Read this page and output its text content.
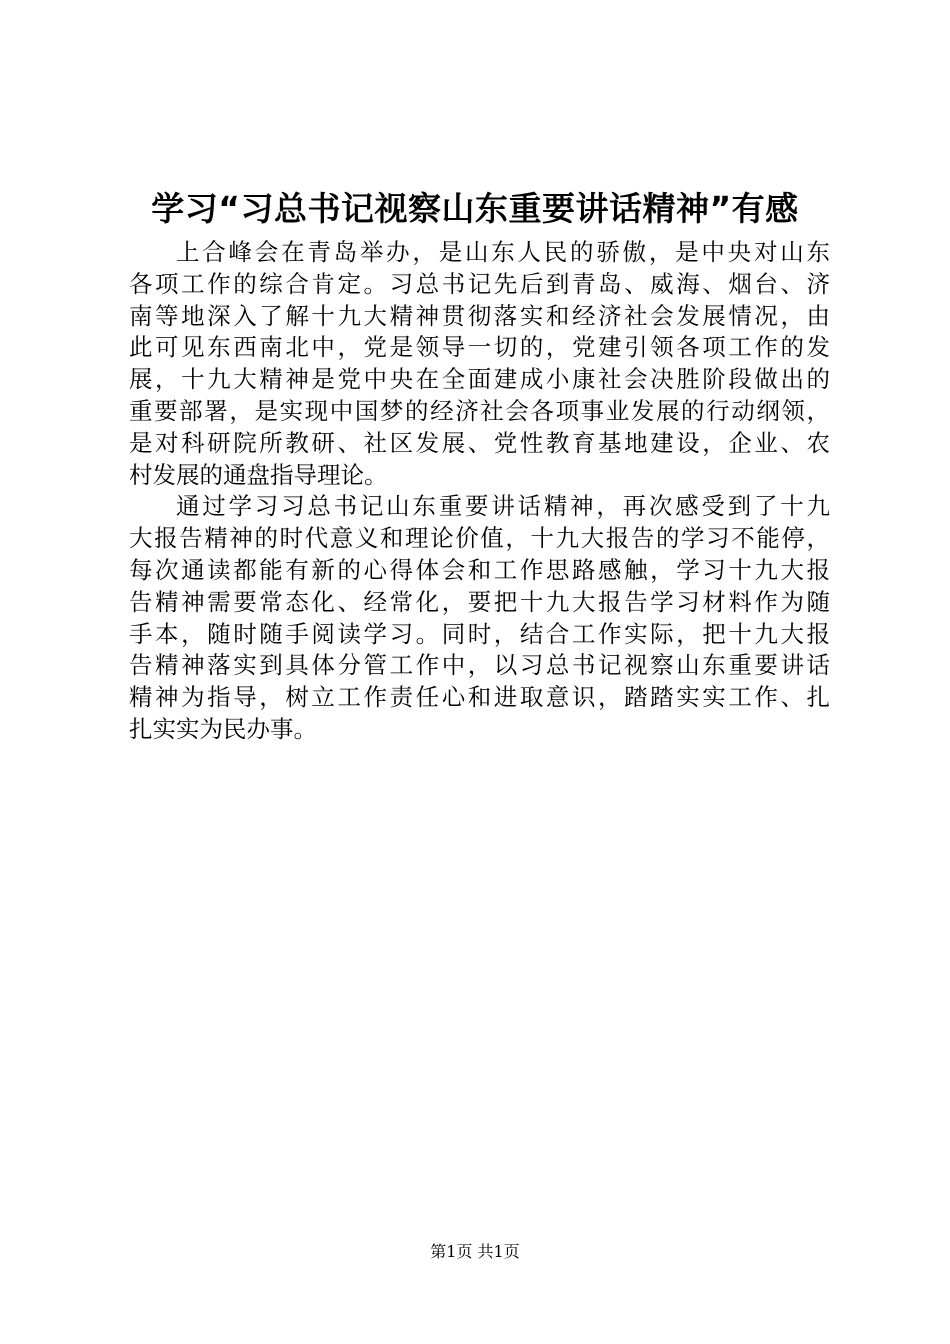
学习“习总书记视察山东重要讲话精神”有感
上合峰会在青岛举办，是山东人民的骄傲，是中央对山东
各项工作的综合肯定。习总书记先后到青岛、威海、烟台、济
南等地深入了解十九大精神贯彻落实和经济社会发展情况，由
此可见东西南北中，党是领导一切的，党建引领各项工作的发
展，十九大精神是党中央在全面建成小康社会决胜阶段做出的
重要部署，是实现中国梦的经济社会各项事业发展的行动纲领，
是对科研院所教研、社区发展、党性教育基地建设，企业、农
村发展的通盘指导理论。
通过学习习总书记山东重要讲话精神，再次感受到了十九
大报告精神的时代意义和理论价值，十九大报告的学习不能停，
每次通读都能有新的心得体会和工作思路感触，学习十九大报
告精神需要常态化、经常化，要把十九大报告学习材料作为随
手本，随时随手阅读学习。同时，结合工作实际，把十九大报
告精神落实到具体分管工作中，以习总书记视察山东重要讲话
精神为指导，树立工作责任心和进取意识，踏踏实实工作、扎
扎实实为民办事。
第1页 共1页
